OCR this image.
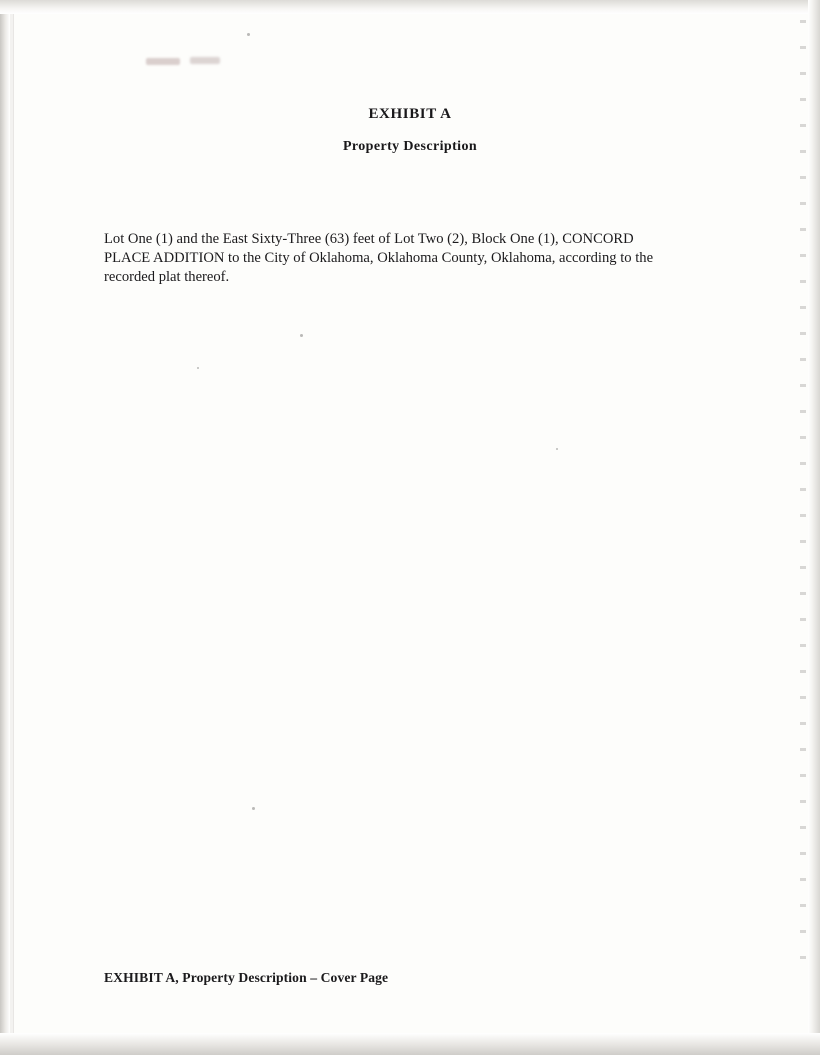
EXHIBIT A
Property Description

Lot One (1) and the East Sixty-Three (63) feet of Lot Two (2), Block One (1), CONCORD PLACE ADDITION to the City of Oklahoma, Oklahoma County, Oklahoma, according to the recorded plat thereof.

EXHIBIT A, Property Description – Cover Page
